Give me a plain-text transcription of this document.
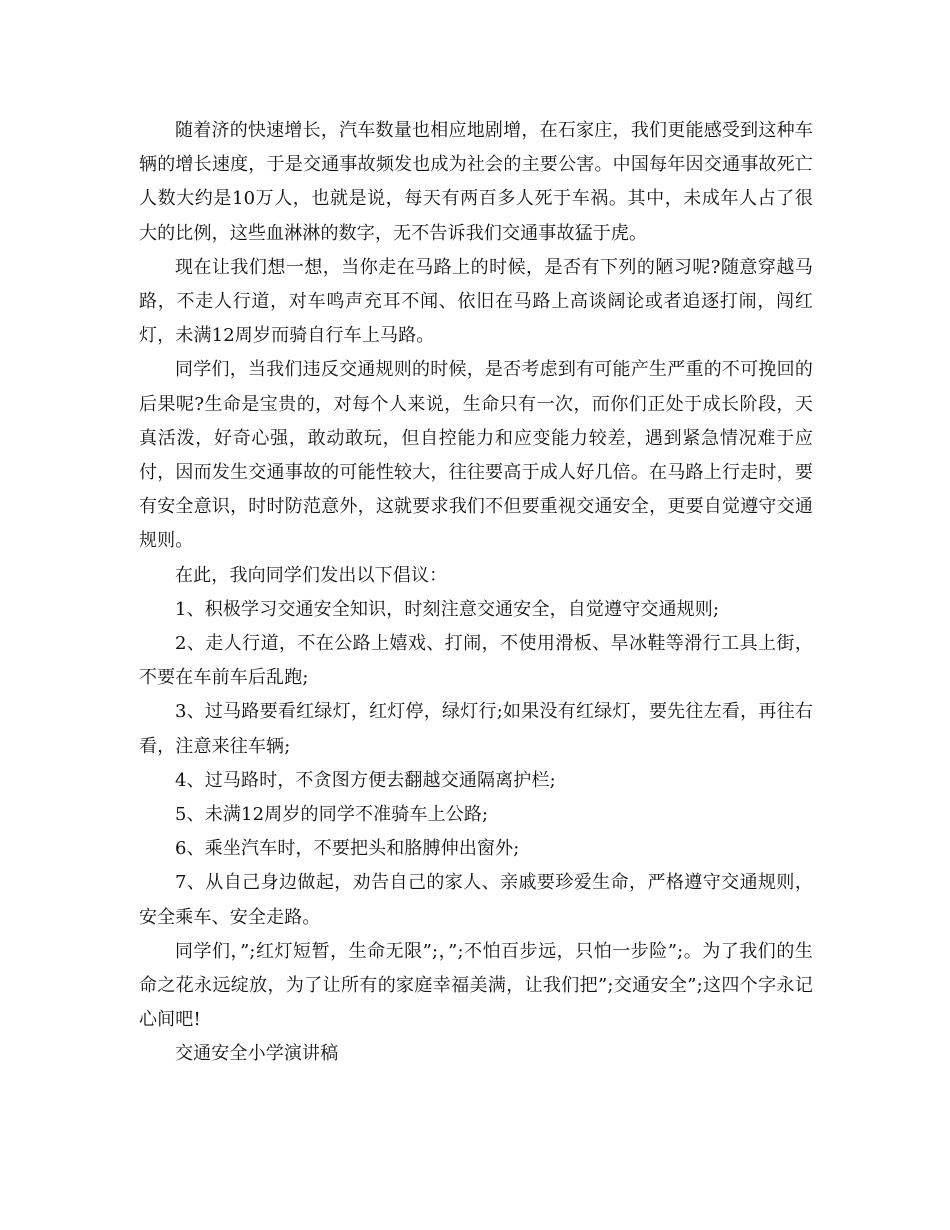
随着济的快速增长，汽车数量也相应地剧增，在石家庄，我们更能感受到这种车辆的增长速度，于是交通事故频发也成为社会的主要公害。中国每年因交通事故死亡人数大约是10万人，也就是说，每天有两百多人死于车祸。其中，未成年人占了很大的比例，这些血淋淋的数字，无不告诉我们交通事故猛于虎。

现在让我们想一想，当你走在马路上的时候，是否有下列的陋习呢?随意穿越马路，不走人行道，对车鸣声充耳不闻、依旧在马路上高谈阔论或者追逐打闹，闯红灯，未满12周岁而骑自行车上马路。

同学们，当我们违反交通规则的时候，是否考虑到有可能产生严重的不可挽回的后果呢?生命是宝贵的，对每个人来说，生命只有一次，而你们正处于成长阶段，天真活泼，好奇心强，敢动敢玩，但自控能力和应变能力较差，遇到紧急情况难于应付，因而发生交通事故的可能性较大，往往要高于成人好几倍。在马路上行走时，要有安全意识，时时防范意外，这就要求我们不但要重视交通安全，更要自觉遵守交通规则。

在此，我向同学们发出以下倡议：

1、积极学习交通安全知识，时刻注意交通安全，自觉遵守交通规则;

2、走人行道，不在公路上嬉戏、打闹，不使用滑板、旱冰鞋等滑行工具上街，不要在车前车后乱跑;

3、过马路要看红绿灯，红灯停，绿灯行;如果没有红绿灯，要先往左看，再往右看，注意来往车辆;

4、过马路时，不贪图方便去翻越交通隔离护栏;

5、未满12周岁的同学不准骑车上公路;

6、乘坐汽车时，不要把头和胳膊伸出窗外;

7、从自己身边做起，劝告自己的家人、亲戚要珍爱生命，严格遵守交通规则，安全乘车、安全走路。

同学们，”;红灯短暂，生命无限”;，”;不怕百步远，只怕一步险”;。为了我们的生命之花永远绽放，为了让所有的家庭幸福美满，让我们把”;交通安全”;这四个字永记心间吧!

交通安全小学演讲稿
